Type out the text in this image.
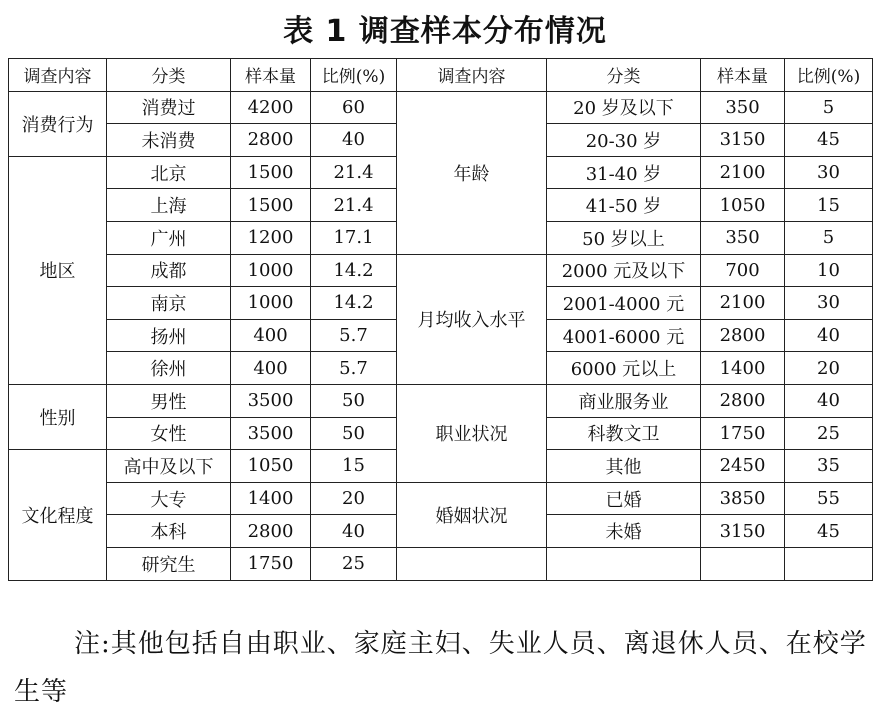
表 1 调查样本分布情况
调查内容	分类	样本量	比例(%)	调查内容	分类	样本量	比例(%)
消费行为	消费过	4200	60	年龄	20 岁及以下	350	5
	未消费	2800	40		20-30 岁	3150	45
地区	北京	1500	21.4		31-40 岁	2100	30
	上海	1500	21.4		41-50 岁	1050	15
	广州	1200	17.1		50 岁以上	350	5
	成都	1000	14.2	月均收入水平	2000 元及以下	700	10
	南京	1000	14.2		2001-4000 元	2100	30
	扬州	400	5.7		4001-6000 元	2800	40
	徐州	400	5.7		6000 元以上	1400	20
性别	男性	3500	50	职业状况	商业服务业	2800	40
	女性	3500	50		科教文卫	1750	25
文化程度	高中及以下	1050	15		其他	2450	35
	大专	1400	20	婚姻状况	已婚	3850	55
	本科	2800	40		未婚	3150	45
	研究生	1750	25				
注:其他包括自由职业、家庭主妇、失业人员、离退休人员、在校学生等
